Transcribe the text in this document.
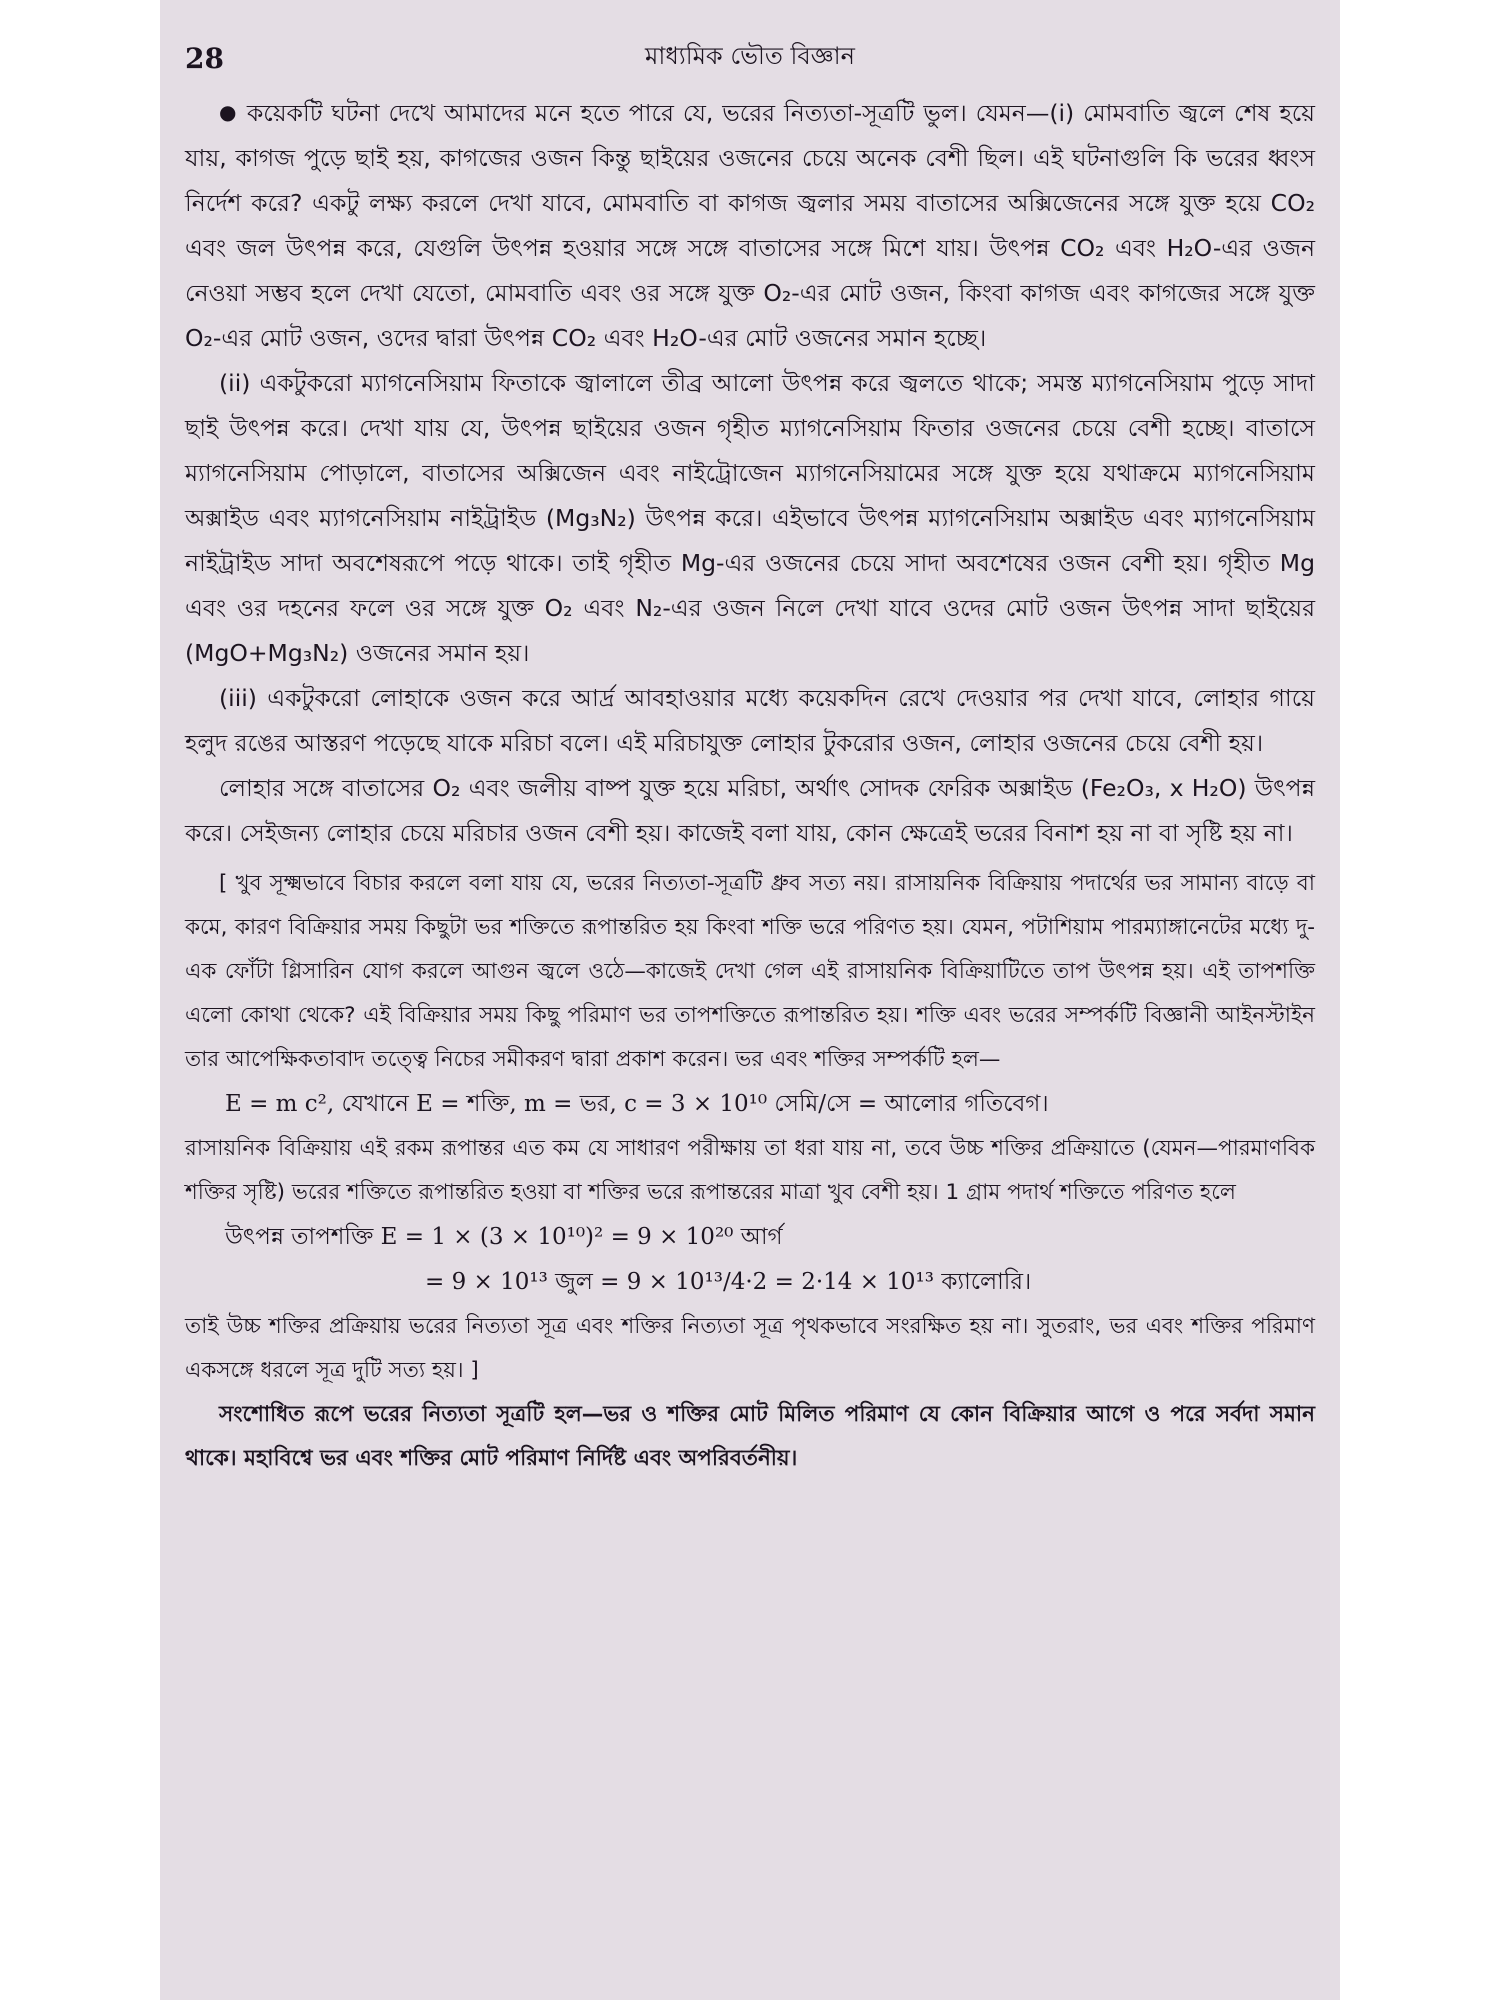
28	মাধ্যমিক ভৌত বিজ্ঞান

● কয়েকটি ঘটনা দেখে আমাদের মনে হতে পারে যে, ভরের নিত্যতা-সূত্রটি ভুল। যেমন—(i) মোমবাতি জ্বলে শেষ হয়ে যায়, কাগজ পুড়ে ছাই হয়, কাগজের ওজন কিন্তু ছাইয়ের ওজনের চেয়ে অনেক বেশী ছিল। এই ঘটনাগুলি কি ভরের ধ্বংস নির্দেশ করে? একটু লক্ষ্য করলে দেখা যাবে, মোমবাতি বা কাগজ জ্বলার সময় বাতাসের অক্সিজেনের সঙ্গে যুক্ত হয়ে CO₂ এবং জল উৎপন্ন করে, যেগুলি উৎপন্ন হওয়ার সঙ্গে সঙ্গে বাতাসের সঙ্গে মিশে যায়। উৎপন্ন CO₂ এবং H₂O-এর ওজন নেওয়া সম্ভব হলে দেখা যেতো, মোমবাতি এবং ওর সঙ্গে যুক্ত O₂-এর মোট ওজন, কিংবা কাগজ এবং কাগজের সঙ্গে যুক্ত O₂-এর মোট ওজন, ওদের দ্বারা উৎপন্ন CO₂ এবং H₂O-এর মোট ওজনের সমান হচ্ছে।

(ii) একটুকরো ম্যাগনেসিয়াম ফিতাকে জ্বালালে তীব্র আলো উৎপন্ন করে জ্বলতে থাকে; সমস্ত ম্যাগনেসিয়াম পুড়ে সাদা ছাই উৎপন্ন করে। দেখা যায় যে, উৎপন্ন ছাইয়ের ওজন গৃহীত ম্যাগনেসিয়াম ফিতার ওজনের চেয়ে বেশী হচ্ছে। বাতাসে ম্যাগনেসিয়াম পোড়ালে, বাতাসের অক্সিজেন এবং নাইট্রোজেন ম্যাগনেসিয়ামের সঙ্গে যুক্ত হয়ে যথাক্রমে ম্যাগনেসিয়াম অক্সাইড এবং ম্যাগনেসিয়াম নাইট্রাইড (Mg₃N₂) উৎপন্ন করে। এইভাবে উৎপন্ন ম্যাগনেসিয়াম অক্সাইড এবং ম্যাগনেসিয়াম নাইট্রাইড সাদা অবশেষরূপে পড়ে থাকে। তাই গৃহীত Mg-এর ওজনের চেয়ে সাদা অবশেষের ওজন বেশী হয়। গৃহীত Mg এবং ওর দহনের ফলে ওর সঙ্গে যুক্ত O₂ এবং N₂-এর ওজন নিলে দেখা যাবে ওদের মোট ওজন উৎপন্ন সাদা ছাইয়ের (MgO+Mg₃N₂) ওজনের সমান হয়।

(iii) একটুকরো লোহাকে ওজন করে আর্দ্র আবহাওয়ার মধ্যে কয়েকদিন রেখে দেওয়ার পর দেখা যাবে, লোহার গায়ে হলুদ রঙের আস্তরণ পড়েছে যাকে মরিচা বলে। এই মরিচাযুক্ত লোহার টুকরোর ওজন, লোহার ওজনের চেয়ে বেশী হয়।

লোহার সঙ্গে বাতাসের O₂ এবং জলীয় বাষ্প যুক্ত হয়ে মরিচা, অর্থাৎ সোদক ফেরিক অক্সাইড (Fe₂O₃, x H₂O) উৎপন্ন করে। সেইজন্য লোহার চেয়ে মরিচার ওজন বেশী হয়। কাজেই বলা যায়, কোন ক্ষেত্রেই ভরের বিনাশ হয় না বা সৃষ্টি হয় না।

[ খুব সূক্ষ্মভাবে বিচার করলে বলা যায় যে, ভরের নিত্যতা-সূত্রটি ধ্রুব সত্য নয়। রাসায়নিক বিক্রিয়ায় পদার্থের ভর সামান্য বাড়ে বা কমে, কারণ বিক্রিয়ার সময় কিছুটা ভর শক্তিতে রূপান্তরিত হয় কিংবা শক্তি ভরে পরিণত হয়। যেমন, পটাশিয়াম পারম্যাঙ্গানেটের মধ্যে দু-এক ফোঁটা গ্লিসারিন যোগ করলে আগুন জ্বলে ওঠে—কাজেই দেখা গেল এই রাসায়নিক বিক্রিয়াটিতে তাপ উৎপন্ন হয়। এই তাপশক্তি এলো কোথা থেকে? এই বিক্রিয়ার সময় কিছু পরিমাণ ভর তাপশক্তিতে রূপান্তরিত হয়। শক্তি এবং ভরের সম্পর্কটি বিজ্ঞানী আইনস্টাইন তার আপেক্ষিকতাবাদ তত্ত্বে নিচের সমীকরণ দ্বারা প্রকাশ করেন। ভর এবং শক্তির সম্পর্কটি হল—

E = m c², যেখানে E = শক্তি, m = ভর, c = 3 × 10¹⁰ সেমি/সে = আলোর গতিবেগ।

রাসায়নিক বিক্রিয়ায় এই রকম রূপান্তর এত কম যে সাধারণ পরীক্ষায় তা ধরা যায় না, তবে উচ্চ শক্তির প্রক্রিয়াতে (যেমন—পারমাণবিক শক্তির সৃষ্টি) ভরের শক্তিতে রূপান্তরিত হওয়া বা শক্তির ভরে রূপান্তরের মাত্রা খুব বেশী হয়। 1 গ্রাম পদার্থ শক্তিতে পরিণত হলে

উৎপন্ন তাপশক্তি E = 1 × (3 × 10¹⁰)² = 9 × 10²⁰ আর্গ

= 9 × 10¹³ জুল = 9 × 10¹³/4·2 = 2·14 × 10¹³ ক্যালোরি।

তাই উচ্চ শক্তির প্রক্রিয়ায় ভরের নিত্যতা সূত্র এবং শক্তির নিত্যতা সূত্র পৃথকভাবে সংরক্ষিত হয় না। সুতরাং, ভর এবং শক্তির পরিমাণ একসঙ্গে ধরলে সূত্র দুটি সত্য হয়। ]

সংশোধিত রূপে ভরের নিত্যতা সূত্রটি হল—ভর ও শক্তির মোট মিলিত পরিমাণ যে কোন বিক্রিয়ার আগে ও পরে সর্বদা সমান থাকে। মহাবিশ্বে ভর এবং শক্তির মোট পরিমাণ নির্দিষ্ট এবং অপরিবর্তনীয়।
